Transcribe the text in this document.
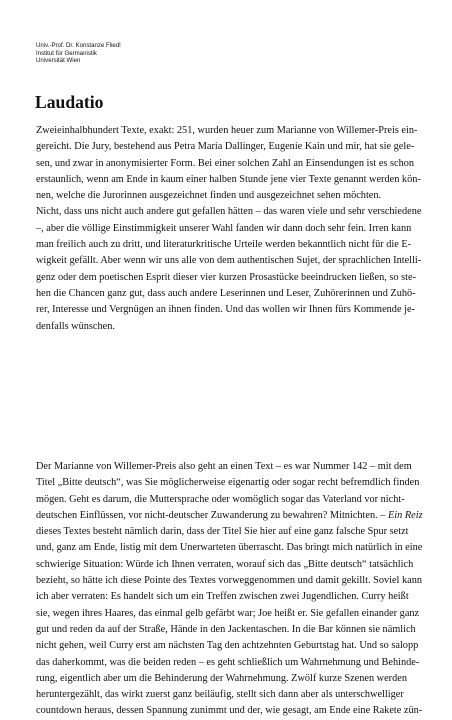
Univ.-Prof. Dr. Konstanze Fliedl
Institut für Germanistik
Universität Wien
Laudatio
Zweieinhalbhundert Texte, exakt: 251, wurden heuer zum Marianne von Willemer-Preis ein-
gereicht. Die Jury, bestehend aus Petra Maria Dallinger, Eugenie Kain und mir, hat sie gele-
sen, und zwar in anonymisierter Form. Bei einer solchen Zahl an Einsendungen ist es schon
erstaunlich, wenn am Ende in kaum einer halben Stunde jene vier Texte genannt werden kön-
nen, welche die Jurorinnen ausgezeichnet finden und ausgezeichnet sehen möchten.
Nicht, dass uns nicht auch andere gut gefallen hätten – das waren viele und sehr verschiedene
–, aber die völlige Einstimmigkeit unserer Wahl fanden wir dann doch sehr fein. Irren kann
man freilich auch zu dritt, und literaturkritische Urteile werden bekanntlich nicht für die E-
wigkeit gefällt. Aber wenn wir uns alle von dem authentischen Sujet, der sprachlichen Intelli-
genz oder dem poetischen Esprit dieser vier kurzen Prosastücke beeindrucken ließen, so ste-
hen die Chancen ganz gut, dass auch andere Leserinnen und Leser, Zuhörerinnen und Zuhö-
rer, Interesse und Vergnügen an ihnen finden. Und das wollen wir Ihnen fürs Kommende je-
denfalls wünschen.
Der Marianne von Willemer-Preis also geht an einen Text – es war Nummer 142 – mit dem
Titel „Bitte deutsch“, was Sie möglicherweise eigenartig oder sogar recht befremdlich finden
mögen. Geht es darum, die Muttersprache oder womöglich sogar das Vaterland vor nicht-
deutschen Einflüssen, vor nicht-deutscher Zuwanderung zu bewahren? Mitnichten. – Ein Reiz
dieses Textes besteht nämlich darin, dass der Titel Sie hier auf eine ganz falsche Spur setzt
und, ganz am Ende, listig mit dem Unerwarteten überrascht. Das bringt mich natürlich in eine
schwierige Situation: Würde ich Ihnen verraten, worauf sich das „Bitte deutsch“ tatsächlich
bezieht, so hätte ich diese Pointe des Textes vorweggenommen und damit gekillt. Soviel kann
ich aber verraten: Es handelt sich um ein Treffen zwischen zwei Jugendlichen. Curry heißt
sie, wegen ihres Haares, das einmal gelb gefärbt war; Joe heißt er. Sie gefallen einander ganz
gut und reden da auf der Straße, Hände in den Jackentaschen. In die Bar können sie nämlich
nicht gehen, weil Curry erst am nächsten Tag den achtzehnten Geburtstag hat. Und so salopp
das daherkommt, was die beiden reden – es geht schließlich um Wahrnehmung und Behinde-
rung, eigentlich aber um die Behinderung der Wahrnehmung. Zwölf kurze Szenen werden
heruntergezählt, das wirkt zuerst ganz beiläufig, stellt sich dann aber als unterschwelliger
countdown heraus, dessen Spannung zunimmt und der, wie gesagt, am Ende eine Rakete zün-
